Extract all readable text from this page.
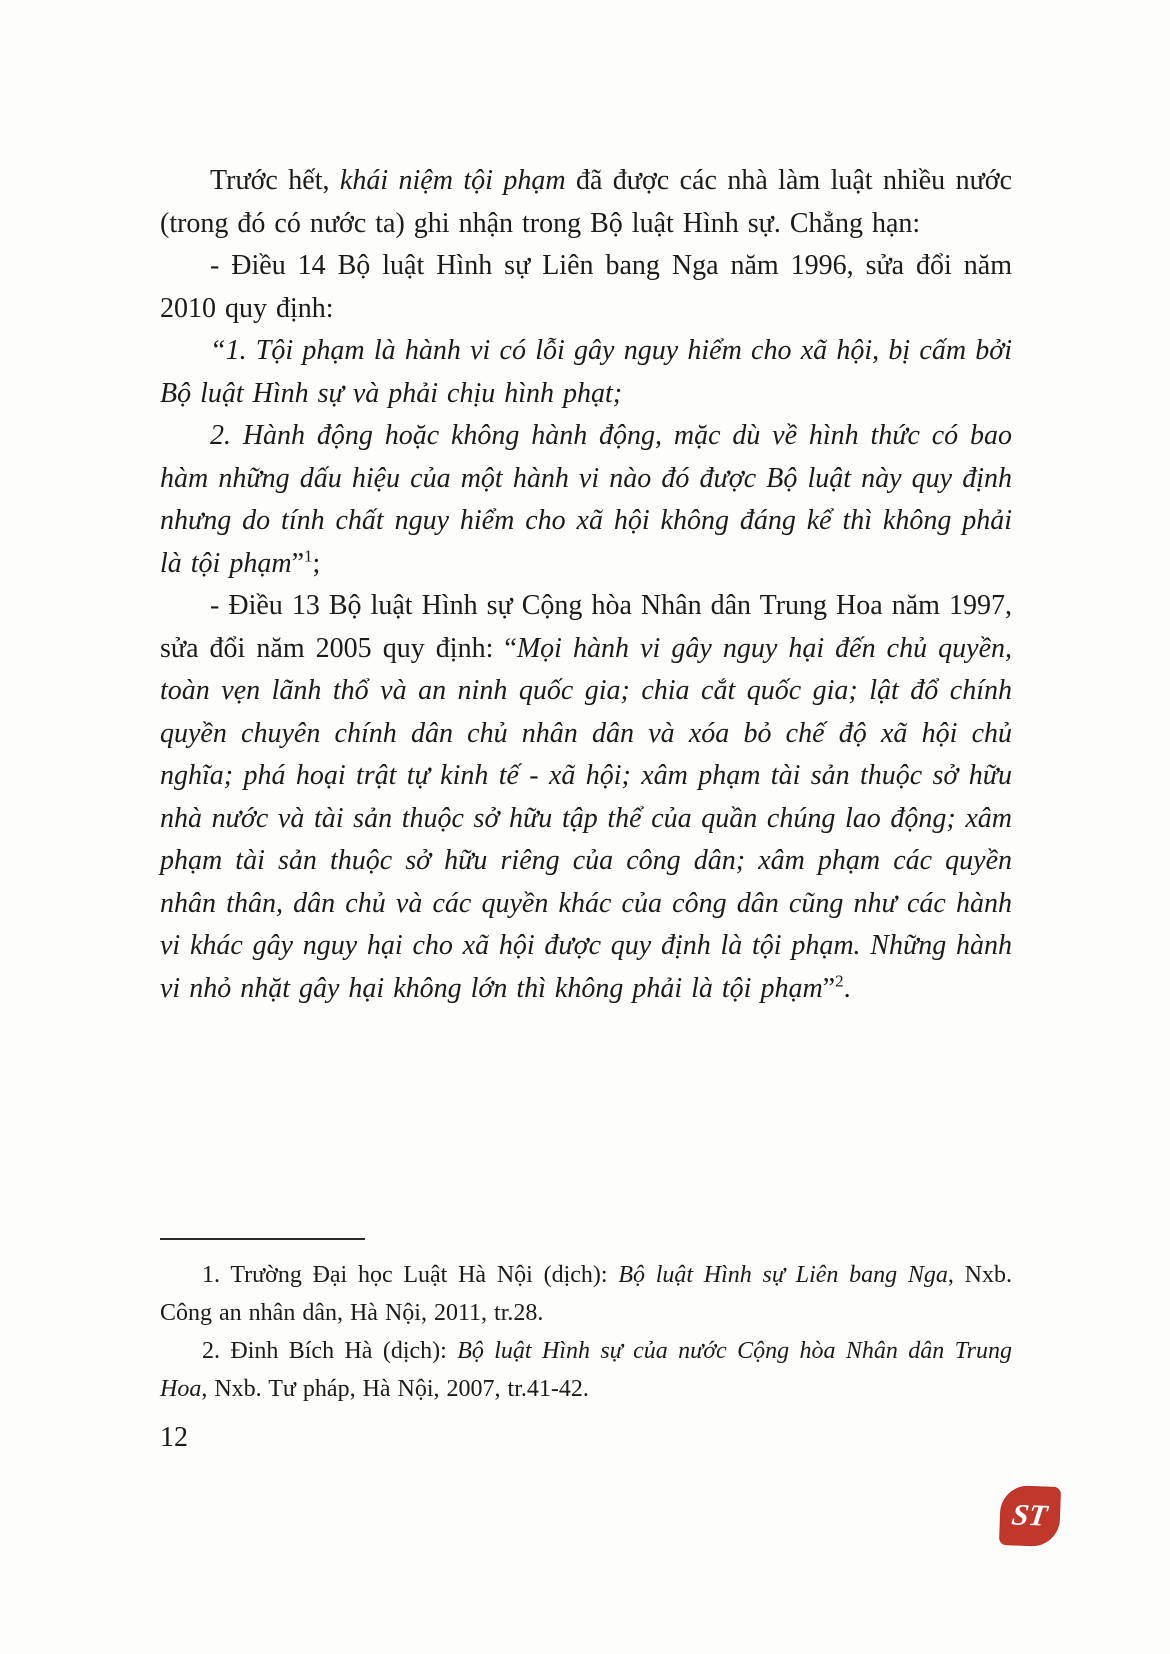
Trước hết, khái niệm tội phạm đã được các nhà làm luật nhiều nước (trong đó có nước ta) ghi nhận trong Bộ luật Hình sự. Chẳng hạn:

- Điều 14 Bộ luật Hình sự Liên bang Nga năm 1996, sửa đổi năm 2010 quy định:

“1. Tội phạm là hành vi có lỗi gây nguy hiểm cho xã hội, bị cấm bởi Bộ luật Hình sự và phải chịu hình phạt;

2. Hành động hoặc không hành động, mặc dù về hình thức có bao hàm những dấu hiệu của một hành vi nào đó được Bộ luật này quy định nhưng do tính chất nguy hiểm cho xã hội không đáng kể thì không phải là tội phạm”$^1$;

- Điều 13 Bộ luật Hình sự Cộng hòa Nhân dân Trung Hoa năm 1997, sửa đổi năm 2005 quy định: “Mọi hành vi gây nguy hại đến chủ quyền, toàn vẹn lãnh thổ và an ninh quốc gia; chia cắt quốc gia; lật đổ chính quyền chuyên chính dân chủ nhân dân và xóa bỏ chế độ xã hội chủ nghĩa; phá hoại trật tự kinh tế - xã hội; xâm phạm tài sản thuộc sở hữu nhà nước và tài sản thuộc sở hữu tập thể của quần chúng lao động; xâm phạm tài sản thuộc sở hữu riêng của công dân; xâm phạm các quyền nhân thân, dân chủ và các quyền khác của công dân cũng như các hành vi khác gây nguy hại cho xã hội được quy định là tội phạm. Những hành vi nhỏ nhặt gây hại không lớn thì không phải là tội phạm”$^2$.

1. Trường Đại học Luật Hà Nội (dịch): Bộ luật Hình sự Liên bang Nga, Nxb. Công an nhân dân, Hà Nội, 2011, tr.28.

2. Đinh Bích Hà (dịch): Bộ luật Hình sự của nước Cộng hòa Nhân dân Trung Hoa, Nxb. Tư pháp, Hà Nội, 2007, tr.41-42.

12
ST
